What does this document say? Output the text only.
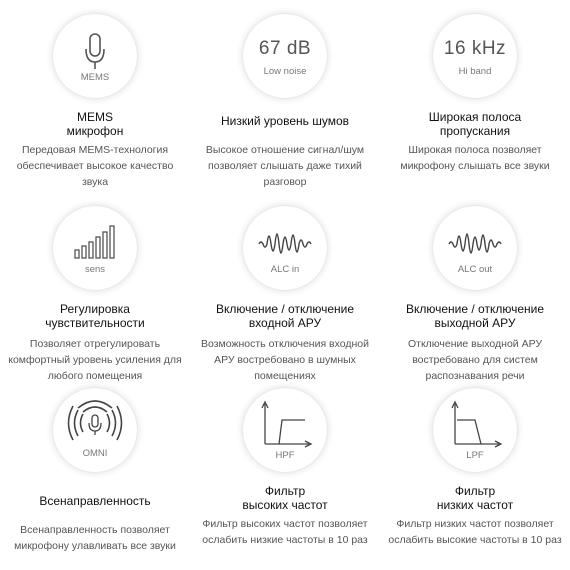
MEMS
MEMS
микрофон
Передовая MEMS-технология обеспечивает высокое качество звука
67 dB
Low noise
Низкий уровень шумов
Высокое отношение сигнал/шум позволяет слышать даже тихий разговор
16 kHz
Hi band
Широкая полоса пропускания
Широкая полоса позволяет микрофону слышать все звуки
sens
Регулировка чувствительности
Позволяет отрегулировать комфортный уровень усиления для любого помещения
ALC in
Включение / отключение входной АРУ
Возможность отключения входной АРУ востребовано в шумных помещениях
ALC out
Включение / отключение выходной АРУ
Отключение выходной АРУ востребовано для систем распознавания речи
OMNI
Всенаправленность
Всенаправленность позволяет микрофону улавливать все звуки
HPF
Фильтр
высоких частот
Фильтр высоких частот позволяет ослабить низкие частоты в 10 раз
LPF
Фильтр
низких частот
Фильтр низких частот позволяет ослабить высокие частоты в 10 раз
